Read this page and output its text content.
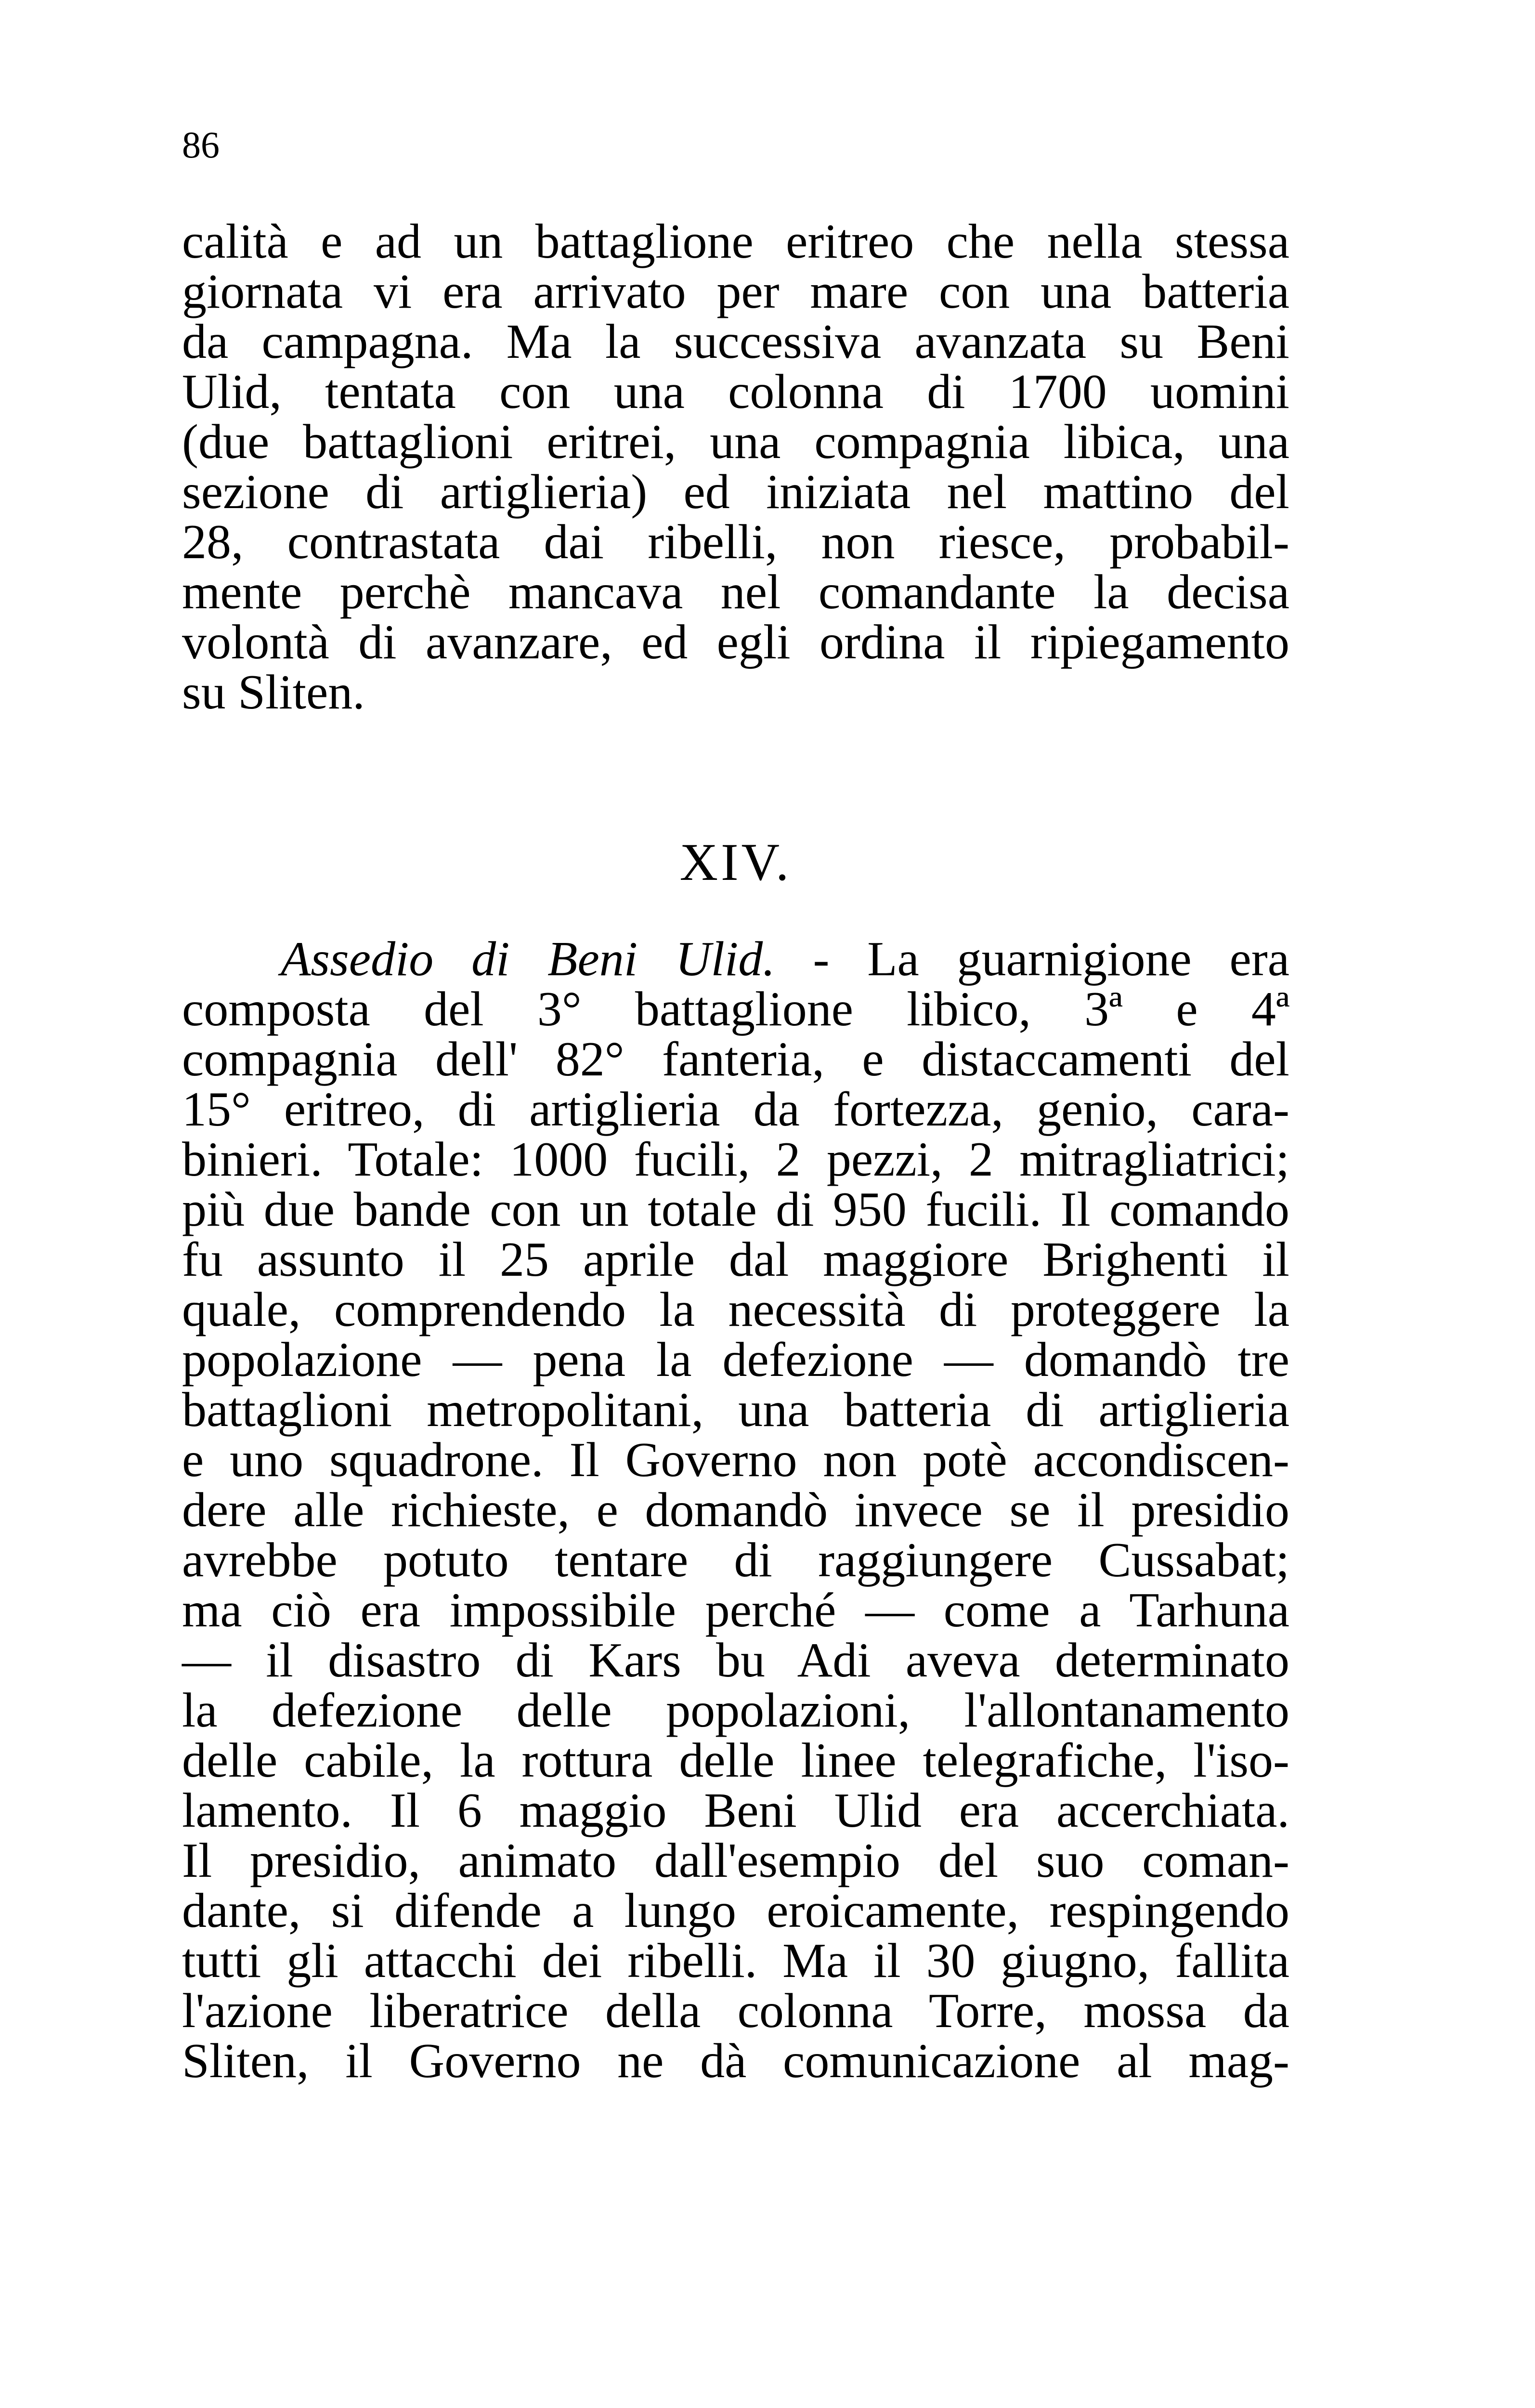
86
calità e ad un battaglione eritreo che nella stessa
giornata vi era arrivato per mare con una batteria
da campagna. Ma la successiva avanzata su Beni
Ulid, tentata con una colonna di 1700 uomini
(due battaglioni eritrei, una compagnia libica, una
sezione di artiglieria) ed iniziata nel mattino del
28, contrastata dai ribelli, non riesce, probabil-
mente perchè mancava nel comandante la decisa
volontà di avanzare, ed egli ordina il ripiegamento
su Sliten.
XIV.
Assedio di Beni Ulid. - La guarnigione era
composta del 3° battaglione libico, 3ª e 4ª
compagnia dell' 82° fanteria, e distaccamenti del
15° eritreo, di artiglieria da fortezza, genio, cara-
binieri. Totale: 1000 fucili, 2 pezzi, 2 mitragliatrici;
più due bande con un totale di 950 fucili. Il comando
fu assunto il 25 aprile dal maggiore Brighenti il
quale, comprendendo la necessità di proteggere la
popolazione — pena la defezione — domandò tre
battaglioni metropolitani, una batteria di artiglieria
e uno squadrone. Il Governo non potè accondiscen-
dere alle richieste, e domandò invece se il presidio
avrebbe potuto tentare di raggiungere Cussabat;
ma ciò era impossibile perché — come a Tarhuna
— il disastro di Kars bu Adi aveva determinato
la defezione delle popolazioni, l'allontanamento
delle cabile, la rottura delle linee telegrafiche, l'iso-
lamento. Il 6 maggio Beni Ulid era accerchiata.
Il presidio, animato dall'esempio del suo coman-
dante, si difende a lungo eroicamente, respingendo
tutti gli attacchi dei ribelli. Ma il 30 giugno, fallita
l'azione liberatrice della colonna Torre, mossa da
Sliten, il Governo ne dà comunicazione al mag-
